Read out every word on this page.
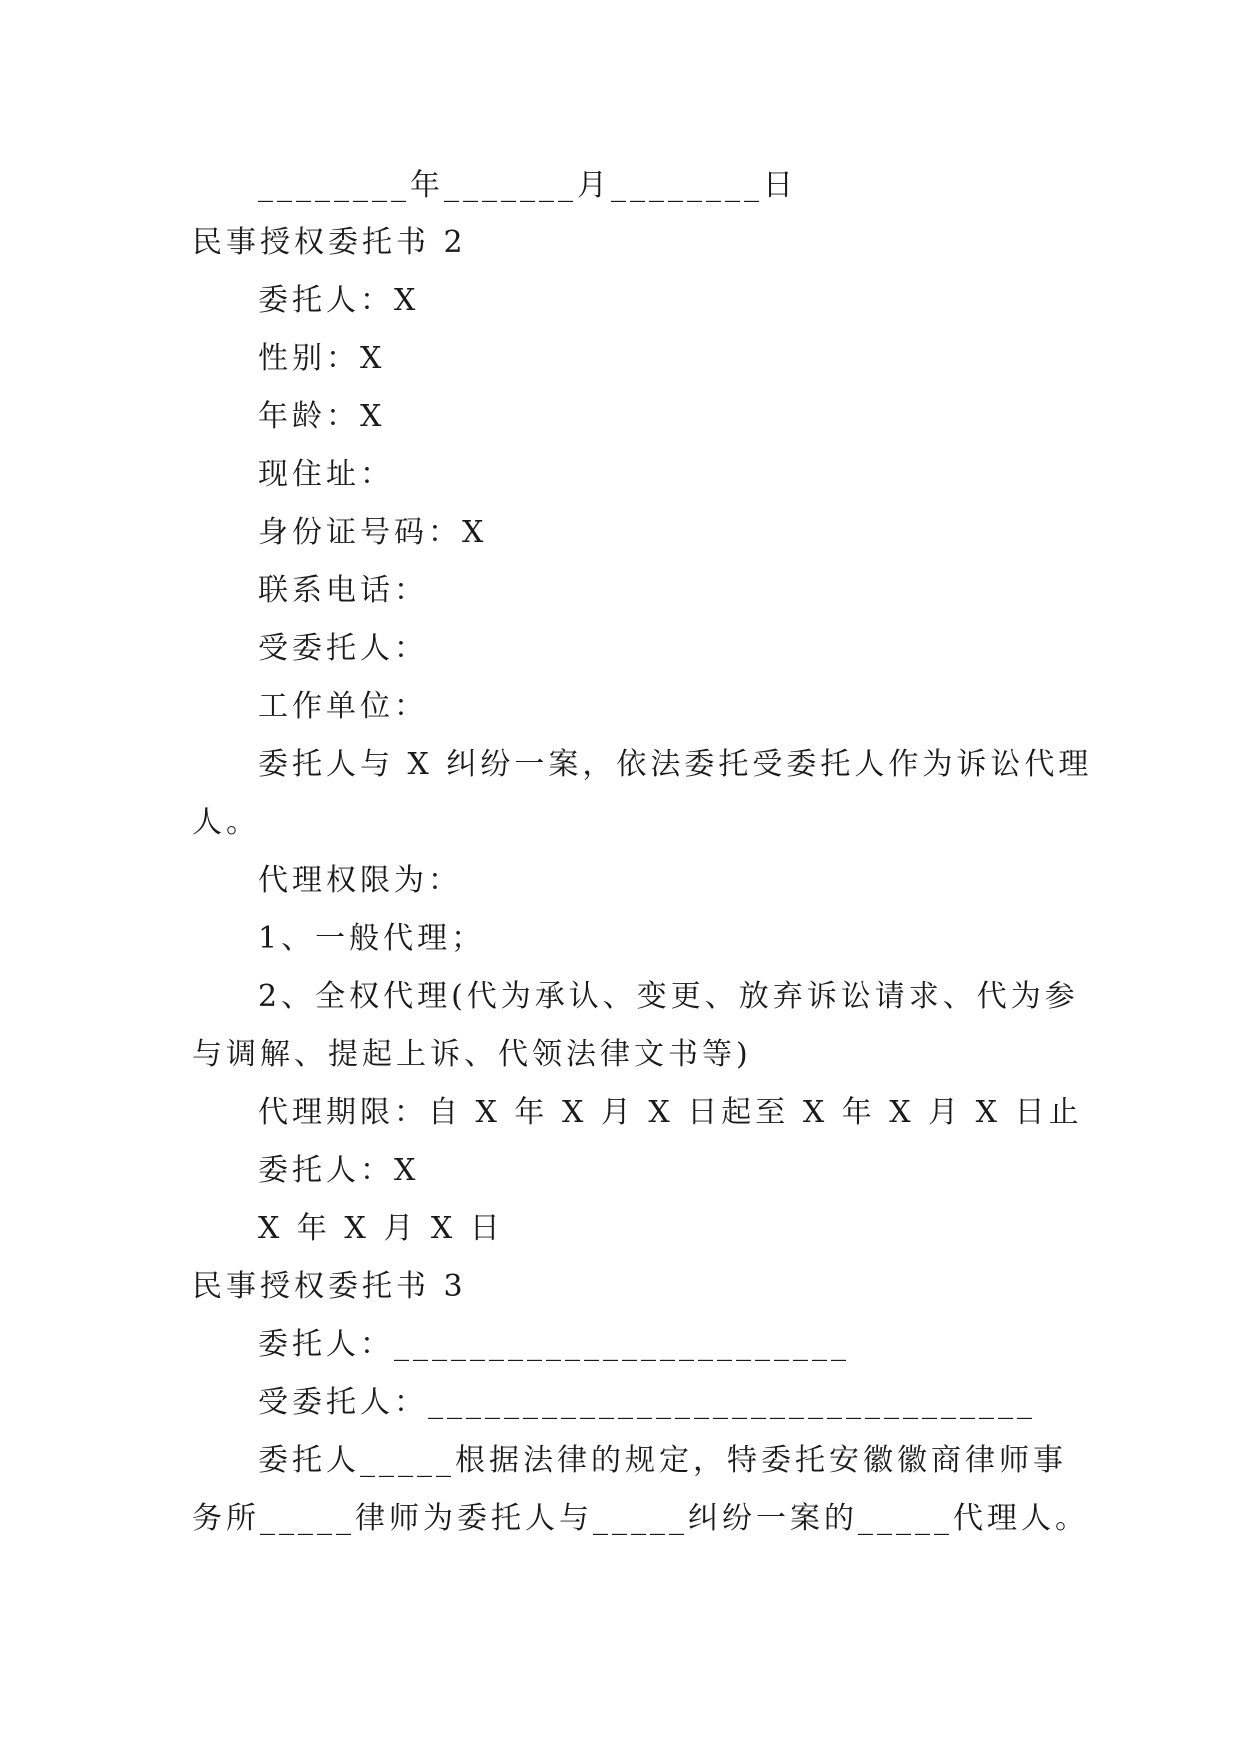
________年_______月________日
民事授权委托书 2
委托人：X
性别：X
年龄：X
现住址：
身份证号码：X
联系电话：
受委托人：
工作单位：
委托人与 X 纠纷一案，依法委托受委托人作为诉讼代理
人。
代理权限为：
1、一般代理；
2、全权代理(代为承认、变更、放弃诉讼请求、代为参
与调解、提起上诉、代领法律文书等)
代理期限：自 X 年 X 月 X 日起至 X 年 X 月 X 日止
委托人：X
X 年 X 月 X 日
民事授权委托书 3
委托人：________________________
受委托人：________________________________
委托人_____根据法律的规定，特委托安徽徽商律师事
务所_____律师为委托人与_____纠纷一案的_____代理人。
